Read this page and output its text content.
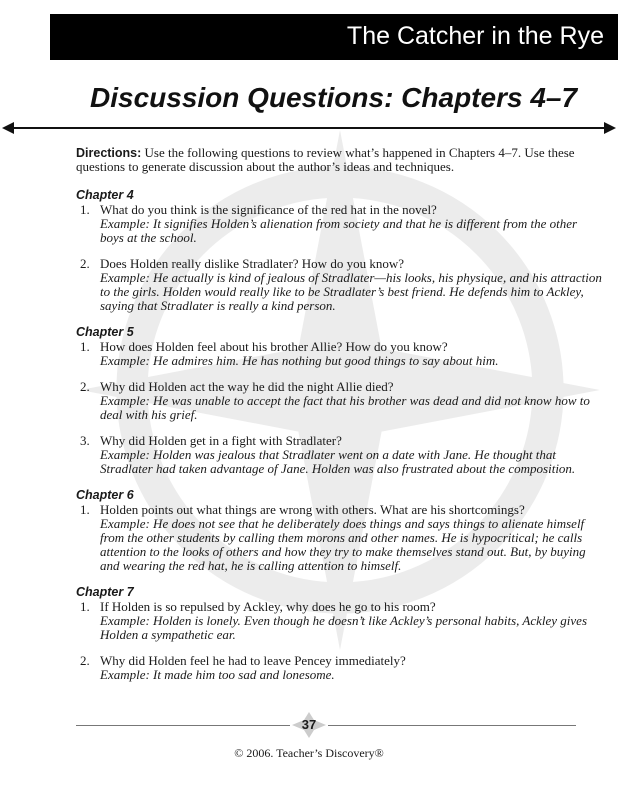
The Catcher in the Rye
Discussion Questions: Chapters 4–7

Directions: Use the following questions to review what’s happened in Chapters 4–7. Use these questions to generate discussion about the author’s ideas and techniques.

Chapter 4

1. What do you think is the significance of the red hat in the novel?
Example: It signifies Holden’s alienation from society and that he is different from the other boys at the school.
2. Does Holden really dislike Stradlater? How do you know?
Example: He actually is kind of jealous of Stradlater—his looks, his physique, and his attraction to the girls. Holden would really like to be Stradlater’s best friend. He defends him to Ackley, saying that Stradlater is really a kind person.

Chapter 5

1. How does Holden feel about his brother Allie? How do you know?
Example: He admires him. He has nothing but good things to say about him.
2. Why did Holden act the way he did the night Allie died?
Example: He was unable to accept the fact that his brother was dead and did not know how to deal with his grief.
3. Why did Holden get in a fight with Stradlater?
Example: Holden was jealous that Stradlater went on a date with Jane. He thought that Stradlater had taken advantage of Jane. Holden was also frustrated about the composition.

Chapter 6

1. Holden points out what things are wrong with others. What are his shortcomings?
Example: He does not see that he deliberately does things and says things to alienate himself from the other students by calling them morons and other names. He is hypocritical; he calls attention to the looks of others and how they try to make themselves stand out. But, by buying and wearing the red hat, he is calling attention to himself.

Chapter 7

1. If Holden is so repulsed by Ackley, why does he go to his room?
Example: Holden is lonely. Even though he doesn’t like Ackley’s personal habits, Ackley gives Holden a sympathetic ear.
2. Why did Holden feel he had to leave Pencey immediately?
Example: It made him too sad and lonesome.
37
© 2006. Teacher’s Discovery®
